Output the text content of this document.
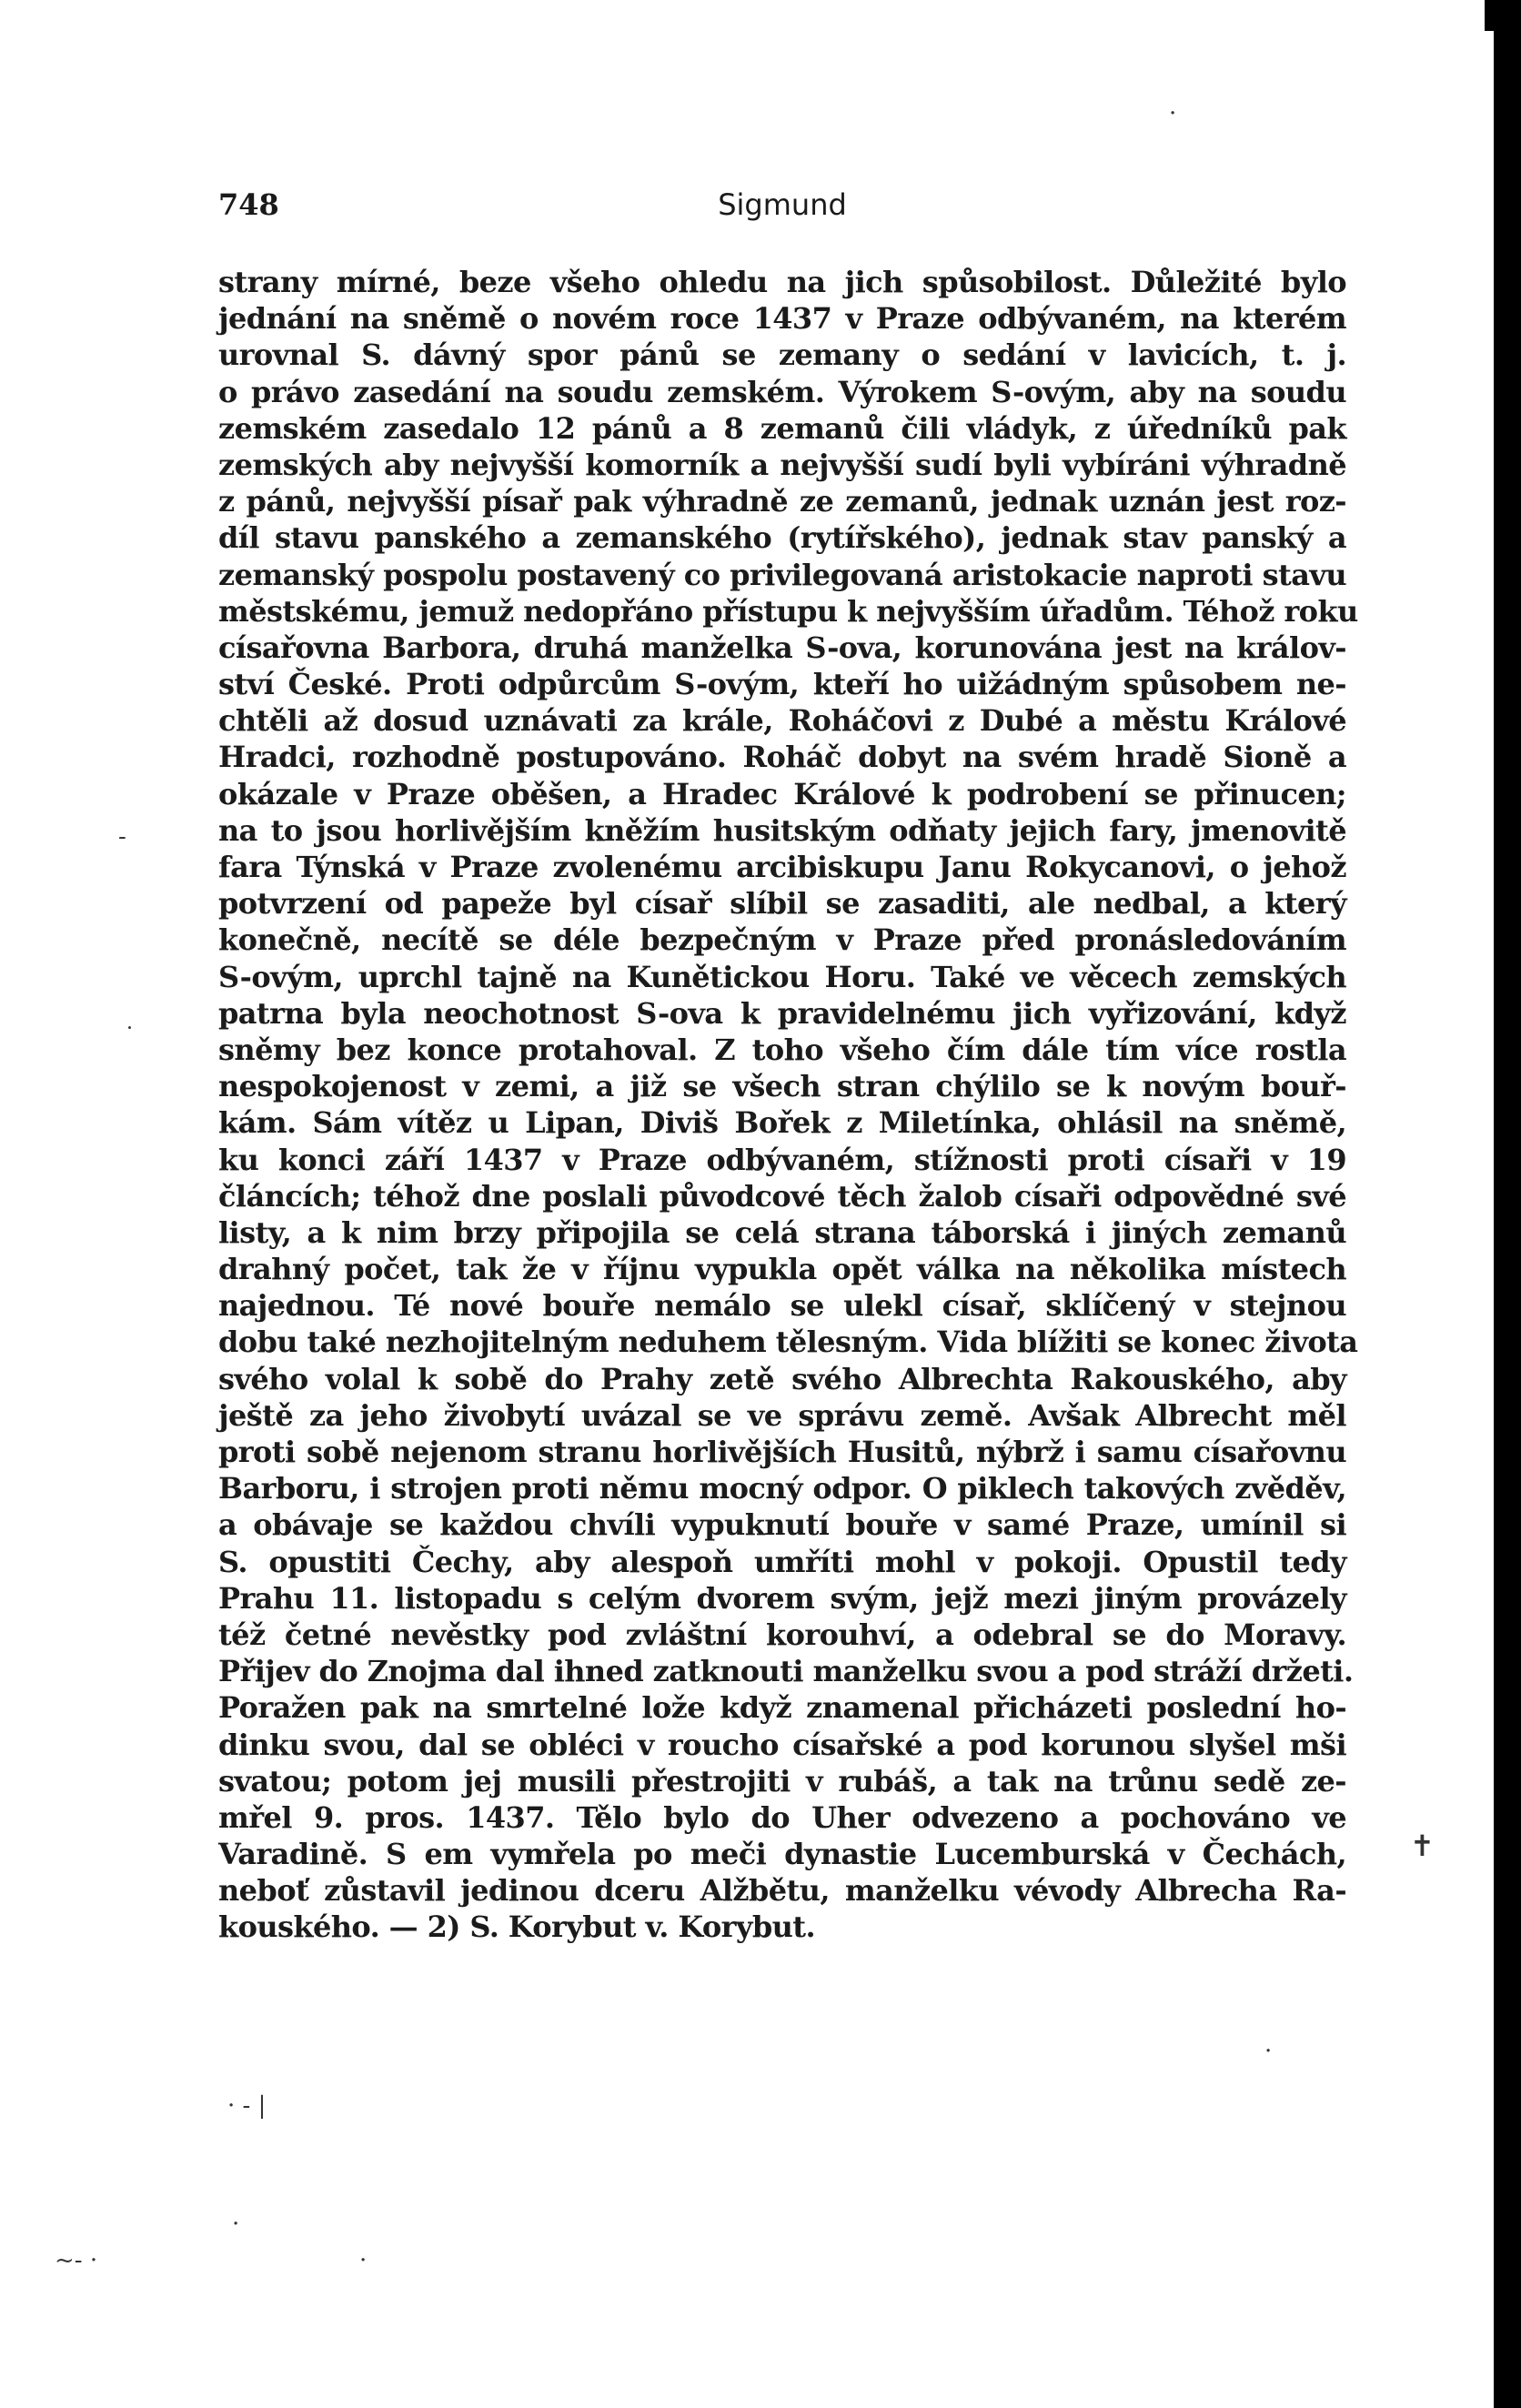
748	Sigmund
strany mírné, beze všeho ohledu na jich spůsobilost. Důležité bylo
jednání na sněmě o novém roce 1437 v Praze odbývaném, na kterém
urovnal S. dávný spor pánů se zemany o sedání v lavicích, t. j.
o právo zasedání na soudu zemském. Výrokem S-ovým, aby na soudu
zemském zasedalo 12 pánů a 8 zemanů čili vládyk, z úředníků pak
zemských aby nejvyšší komorník a nejvyšší sudí byli vybíráni výhradně
z pánů, nejvyšší písař pak výhradně ze zemanů, jednak uznán jest roz-
díl stavu panského a zemanského (rytířského), jednak stav panský a
zemanský pospolu postavený co privilegovaná aristokacie naproti stavu
městskému, jemuž nedopřáno přístupu k nejvyšším úřadům. Téhož roku
císařovna Barbora, druhá manželka S-ova, korunována jest na králov-
ství České. Proti odpůrcům S-ovým, kteří ho uižádným spůsobem ne-
chtěli až dosud uznávati za krále, Roháčovi z Dubé a městu Králové
Hradci, rozhodně postupováno. Roháč dobyt na svém hradě Sioně a
okázale v Praze oběšen, a Hradec Králové k podrobení se přinucen;
na to jsou horlivějším kněžím husitským odňaty jejich fary, jmenovitě
fara Týnská v Praze zvolenému arcibiskupu Janu Rokycanovi, o jehož
potvrzení od papeže byl císař slíbil se zasaditi, ale nedbal, a který
konečně, necítě se déle bezpečným v Praze před pronásledováním
S-ovým, uprchl tajně na Kunětickou Horu. Také ve věcech zemských
patrna byla neochotnost S-ova k pravidelnému jich vyřizování, když
sněmy bez konce protahoval. Z toho všeho čím dále tím více rostla
nespokojenost v zemi, a již se všech stran chýlilo se k novým bouř-
kám. Sám vítěz u Lipan, Diviš Bořek z Miletínka, ohlásil na sněmě,
ku konci září 1437 v Praze odbývaném, stížnosti proti císaři v 19
článcích; téhož dne poslali původcové těch žalob císaři odpovědné své
listy, a k nim brzy připojila se celá strana táborská i jiných zemanů
drahný počet, tak že v říjnu vypukla opět válka na několika místech
najednou. Té nové bouře nemálo se ulekl císař, sklíčený v stejnou
dobu také nezhojitelným neduhem tělesným. Vida blížiti se konec života
svého volal k sobě do Prahy zetě svého Albrechta Rakouského, aby
ještě za jeho živobytí uvázal se ve správu země. Avšak Albrecht měl
proti sobě nejenom stranu horlivějších Husitů, nýbrž i samu císařovnu
Barboru, i strojen proti němu mocný odpor. O piklech takových zvěděv,
a obávaje se každou chvíli vypuknutí bouře v samé Praze, umínil si
S. opustiti Čechy, aby alespoň umříti mohl v pokoji. Opustil tedy
Prahu 11. listopadu s celým dvorem svým, jejž mezi jiným provázely
též četné nevěstky pod zvláštní korouhví, a odebral se do Moravy.
Přijev do Znojma dal ihned zatknouti manželku svou a pod stráží držeti.
Poražen pak na smrtelné lože když znamenal přicházeti poslední ho-
dinku svou, dal se obléci v roucho císařské a pod korunou slyšel mši
svatou; potom jej musili přestrojiti v rubáš, a tak na trůnu sedě ze-
mřel 9. pros. 1437. Tělo bylo do Uher odvezeno a pochováno ve
Varadině. S em vymřela po meči dynastie Lucemburská v Čechách,
neboť zůstavil jedinou dceru Alžbětu, manželku vévody Albrecha Ra-
kouského. — 2) S. Korybut v. Korybut.
·
-
˙
✝
· - |
·
~- ·	·
·
